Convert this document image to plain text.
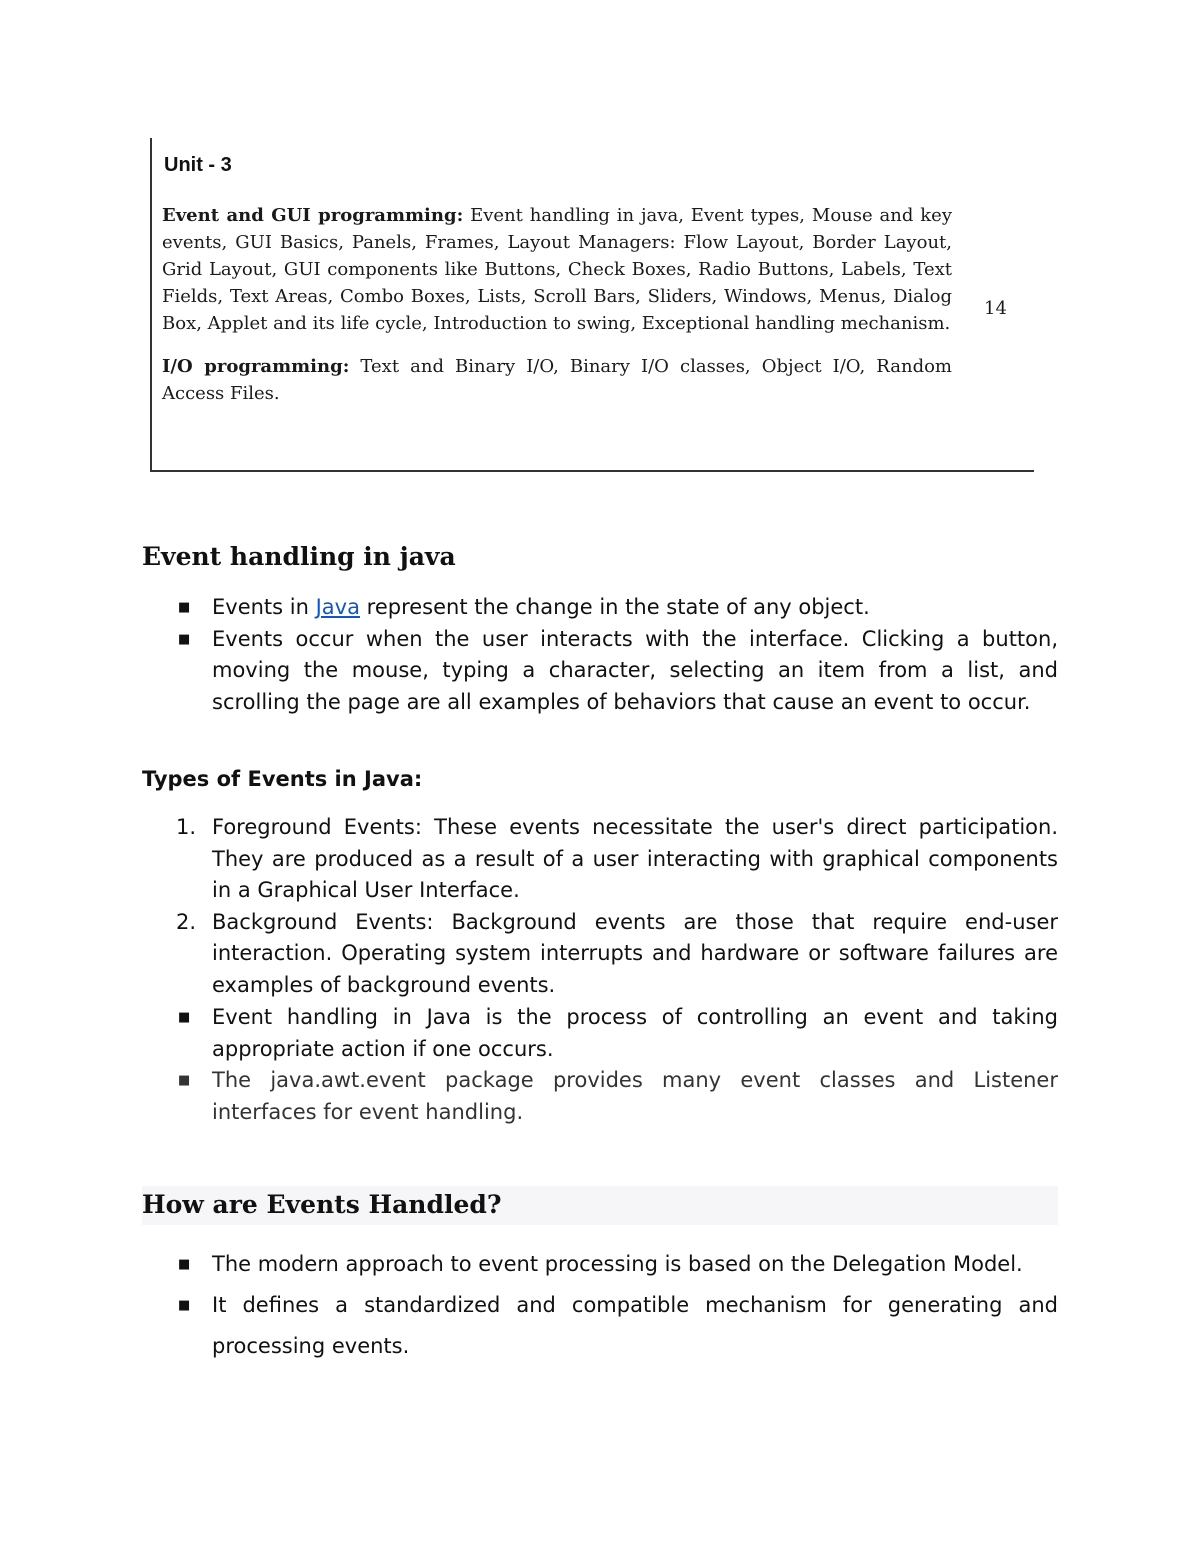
Unit - 3

Event and GUI programming: Event handling in java, Event types, Mouse and key events, GUI Basics, Panels, Frames, Layout Managers: Flow Layout, Border Layout, Grid Layout, GUI components like Buttons, Check Boxes, Radio Buttons, Labels, Text Fields, Text Areas, Combo Boxes, Lists, Scroll Bars, Sliders, Windows, Menus, Dialog Box, Applet and its life cycle, Introduction to swing, Exceptional handling mechanism.

I/O programming: Text and Binary I/O, Binary I/O classes, Object I/O, Random Access Files.

14
Event handling in java
■ Events in Java represent the change in the state of any object.
■ Events occur when the user interacts with the interface. Clicking a button, moving the mouse, typing a character, selecting an item from a list, and scrolling the page are all examples of behaviors that cause an event to occur.
Types of Events in Java:
1. Foreground Events: These events necessitate the user's direct participation. They are produced as a result of a user interacting with graphical components in a Graphical User Interface.
2. Background Events: Background events are those that require end-user interaction. Operating system interrupts and hardware or software failures are examples of background events.
■ Event handling in Java is the process of controlling an event and taking appropriate action if one occurs.
■ The java.awt.event package provides many event classes and Listener interfaces for event handling.
How are Events Handled?
■ The modern approach to event processing is based on the Delegation Model.
■ It defines a standardized and compatible mechanism for generating and processing events.
